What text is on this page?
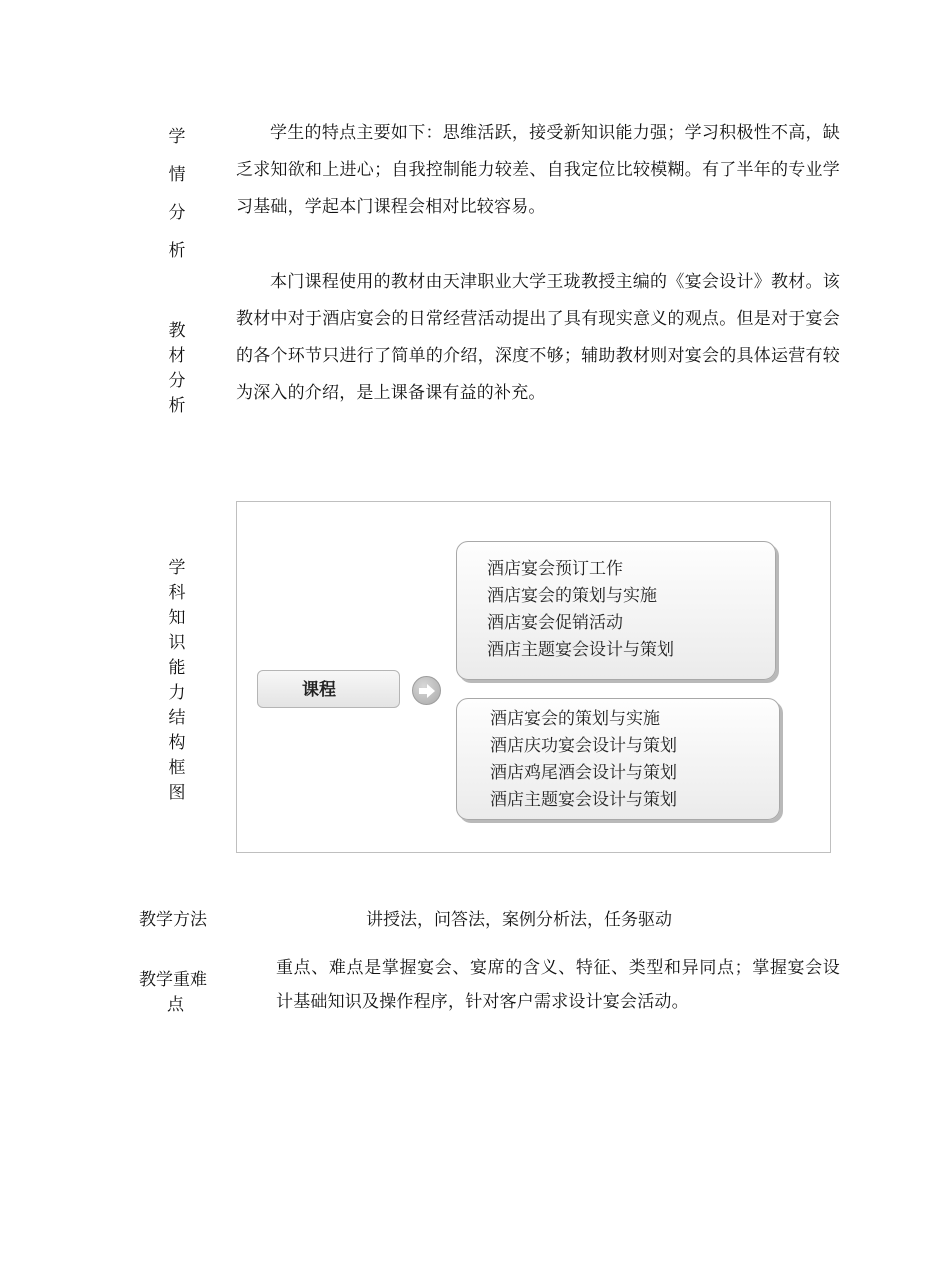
学
情
分
析

学生的特点主要如下：思维活跃，接受新知识能力强；学习积极性不高，缺乏求知欲和上进心；自我控制能力较差、自我定位比较模糊。有了半年的专业学习基础，学起本门课程会相对比较容易。

教
材
分
析

本门课程使用的教材由天津职业大学王珑教授主编的《宴会设计》教材。该教材中对于酒店宴会的日常经营活动提出了具有现实意义的观点。但是对于宴会的各个环节只进行了简单的介绍，深度不够；辅助教材则对宴会的具体运营有较为深入的介绍，是上课备课有益的补充。

学
科
知
识
能
力
结
构
框
图
课程
酒店宴会预订工作
酒店宴会的策划与实施
酒店宴会促销活动
酒店主题宴会设计与策划
酒店宴会的策划与实施
酒店庆功宴会设计与策划
酒店鸡尾酒会设计与策划
酒店主题宴会设计与策划
教学方法	讲授法，问答法，案例分析法，任务驱动
教学重难
点

重点、难点是掌握宴会、宴席的含义、特征、类型和异同点；掌握宴会设计基础知识及操作程序，针对客户需求设计宴会活动。
